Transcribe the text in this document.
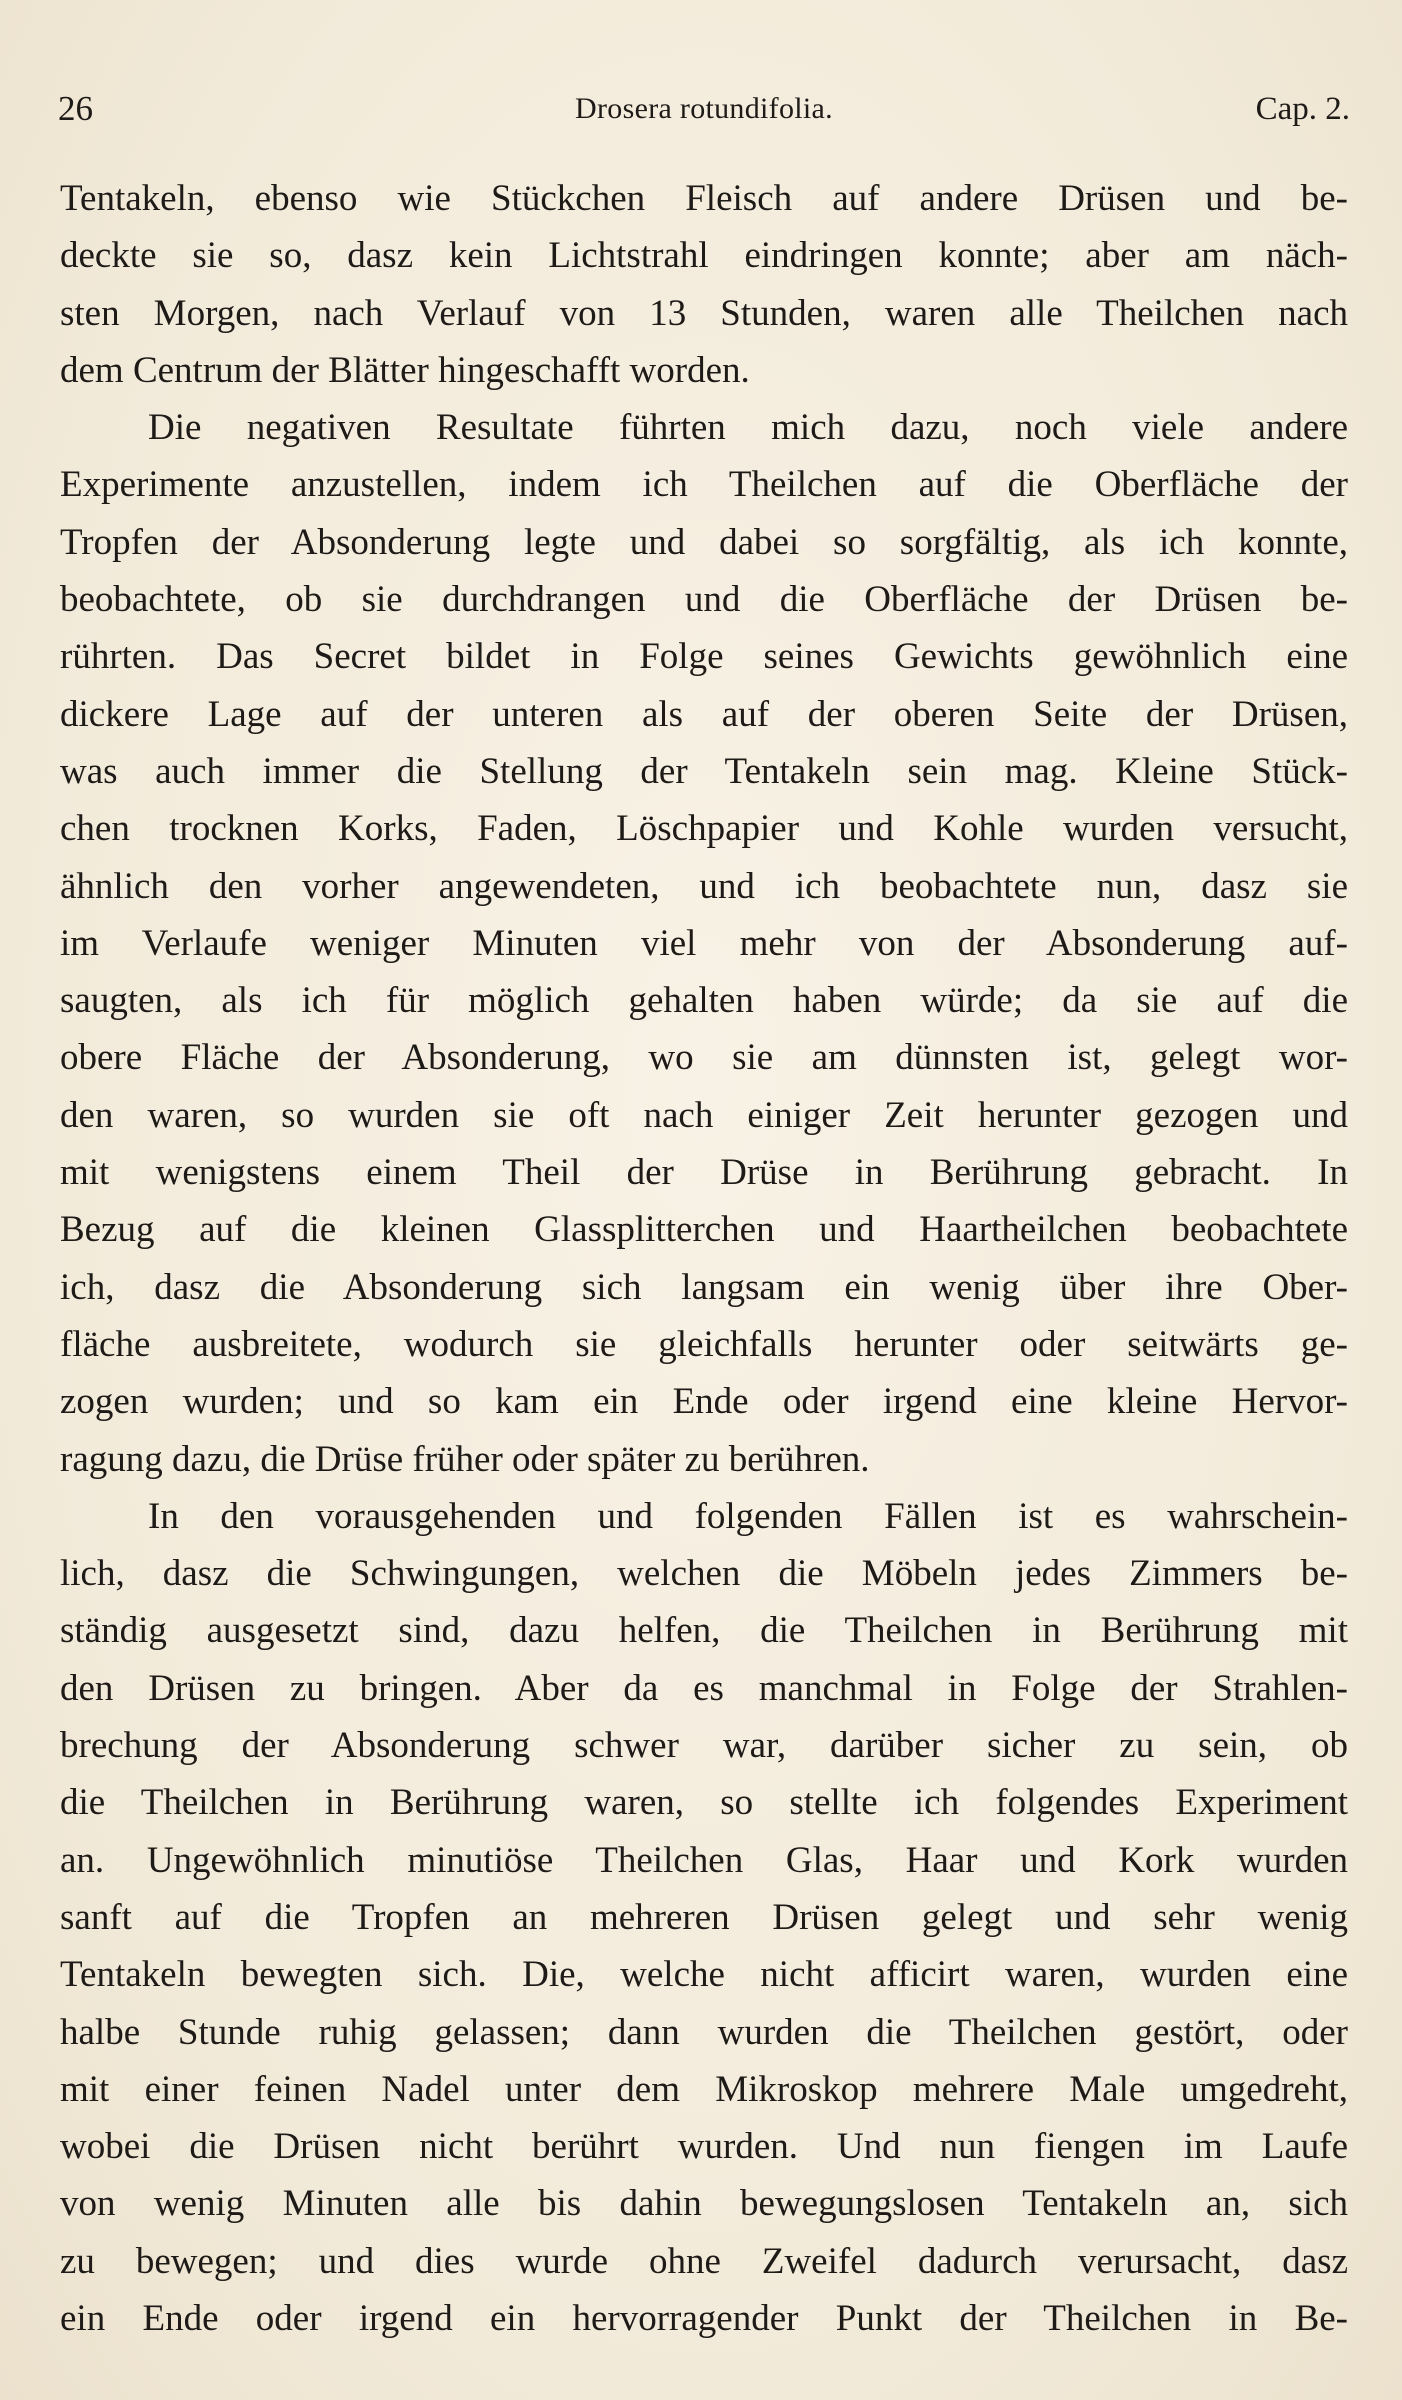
26	Drosera rotundifolia.	Cap. 2.
Tentakeln, ebenso wie Stückchen Fleisch auf andere Drüsen und be-
deckte sie so, dasz kein Lichtstrahl eindringen konnte; aber am näch-
sten Morgen, nach Verlauf von 13 Stunden, waren alle Theilchen nach
dem Centrum der Blätter hingeschafft worden.
Die negativen Resultate führten mich dazu, noch viele andere
Experimente anzustellen, indem ich Theilchen auf die Oberfläche der
Tropfen der Absonderung legte und dabei so sorgfältig, als ich konnte,
beobachtete, ob sie durchdrangen und die Oberfläche der Drüsen be-
rührten. Das Secret bildet in Folge seines Gewichts gewöhnlich eine
dickere Lage auf der unteren als auf der oberen Seite der Drüsen,
was auch immer die Stellung der Tentakeln sein mag. Kleine Stück-
chen trocknen Korks, Faden, Löschpapier und Kohle wurden versucht,
ähnlich den vorher angewendeten, und ich beobachtete nun, dasz sie
im Verlaufe weniger Minuten viel mehr von der Absonderung auf-
saugten, als ich für möglich gehalten haben würde; da sie auf die
obere Fläche der Absonderung, wo sie am dünnsten ist, gelegt wor-
den waren, so wurden sie oft nach einiger Zeit herunter gezogen und
mit wenigstens einem Theil der Drüse in Berührung gebracht. In
Bezug auf die kleinen Glassplitterchen und Haartheilchen beobachtete
ich, dasz die Absonderung sich langsam ein wenig über ihre Ober-
fläche ausbreitete, wodurch sie gleichfalls herunter oder seitwärts ge-
zogen wurden; und so kam ein Ende oder irgend eine kleine Hervor-
ragung dazu, die Drüse früher oder später zu berühren.
In den vorausgehenden und folgenden Fällen ist es wahrschein-
lich, dasz die Schwingungen, welchen die Möbeln jedes Zimmers be-
ständig ausgesetzt sind, dazu helfen, die Theilchen in Berührung mit
den Drüsen zu bringen. Aber da es manchmal in Folge der Strahlen-
brechung der Absonderung schwer war, darüber sicher zu sein, ob
die Theilchen in Berührung waren, so stellte ich folgendes Experiment
an. Ungewöhnlich minutiöse Theilchen Glas, Haar und Kork wurden
sanft auf die Tropfen an mehreren Drüsen gelegt und sehr wenig
Tentakeln bewegten sich. Die, welche nicht afficirt waren, wurden eine
halbe Stunde ruhig gelassen; dann wurden die Theilchen gestört, oder
mit einer feinen Nadel unter dem Mikroskop mehrere Male umgedreht,
wobei die Drüsen nicht berührt wurden. Und nun fiengen im Laufe
von wenig Minuten alle bis dahin bewegungslosen Tentakeln an, sich
zu bewegen; und dies wurde ohne Zweifel dadurch verursacht, dasz
ein Ende oder irgend ein hervorragender Punkt der Theilchen in Be-
